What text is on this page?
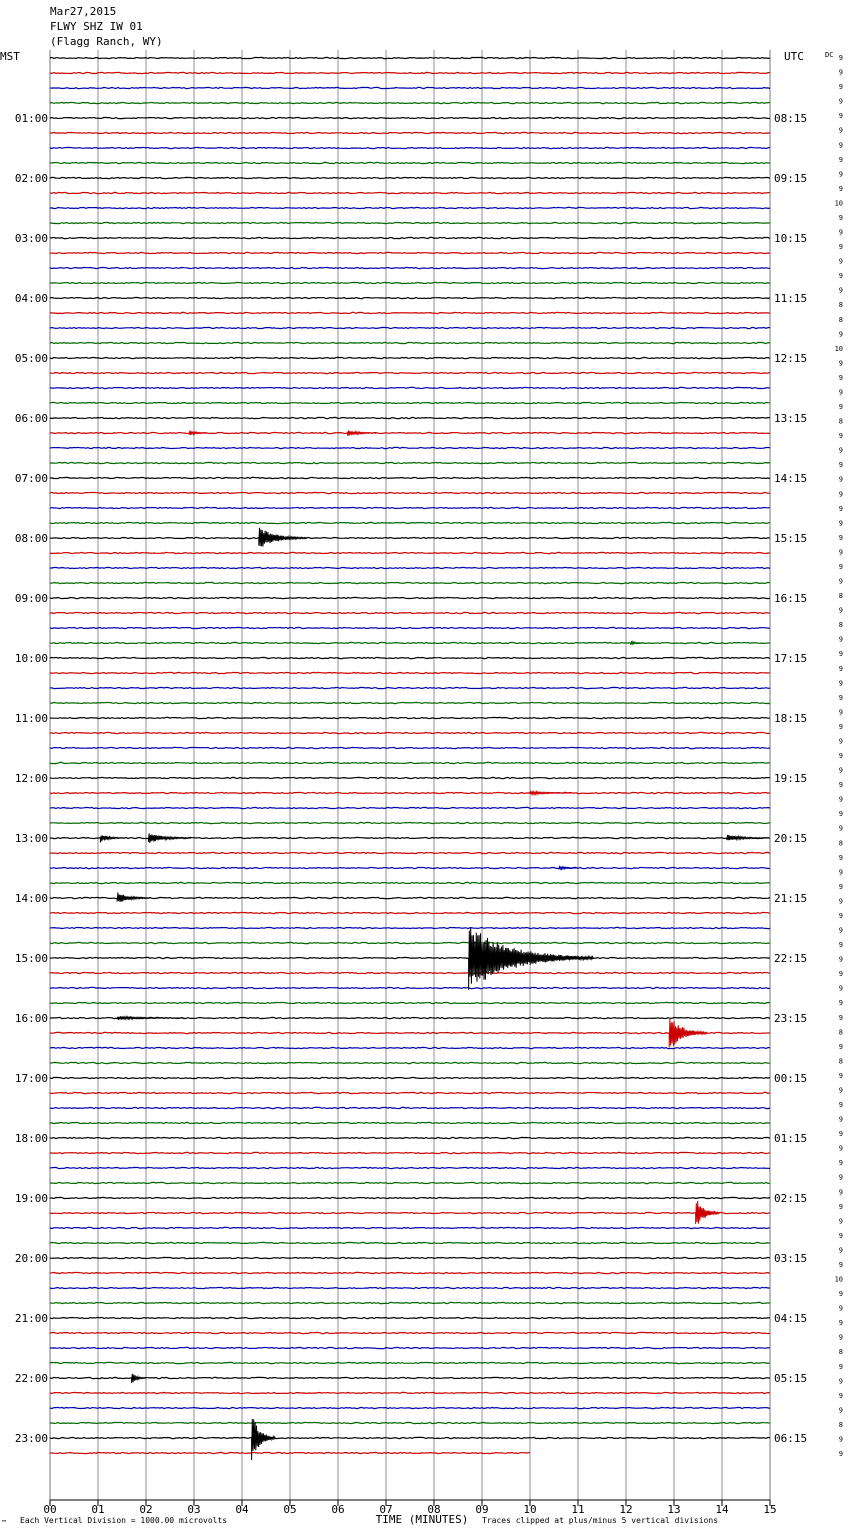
Mar27,2015
FLWY SHZ IW 01
(Flagg Ranch, WY)
MST	UTC	DC
01:00
02:00
03:00
04:00
05:00
06:00
07:00
08:00
09:00
10:00
11:00
12:00
13:00
14:00
15:00
16:00
17:00
18:00
19:00
20:00
21:00
22:00
23:00
08:15
09:15
10:15
11:15
12:15
13:15
14:15
15:15
16:15
17:15
18:15
19:15
20:15
21:15
22:15
23:15
00:15
01:15
02:15
03:15
04:15
05:15
06:15
9
9
9
9
9
9
9
9
9
9
10
9
9
9
9
9
9
8
8
9
10
9
9
9
9
8
9
9
9
9
9
9
9
9
9
9
9
8
9
8
9
9
9
9
9
9
9
9
9
9
9
9
9
9
8
9
9
9
9
9
9
9
9
9
9
9
9
8
9
8
9
9
9
9
9
9
9
9
9
9
9
9
9
9
10
9
9
9
9
8
9
9
9
9
8
9
9
00	01	02	03	04	05	06	07	08	09	10	11	12	13	14	15
™ Each Vertical Division = 1000.00 microvolts	TIME (MINUTES) Traces clipped at plus/minus 5 vertical divisions
